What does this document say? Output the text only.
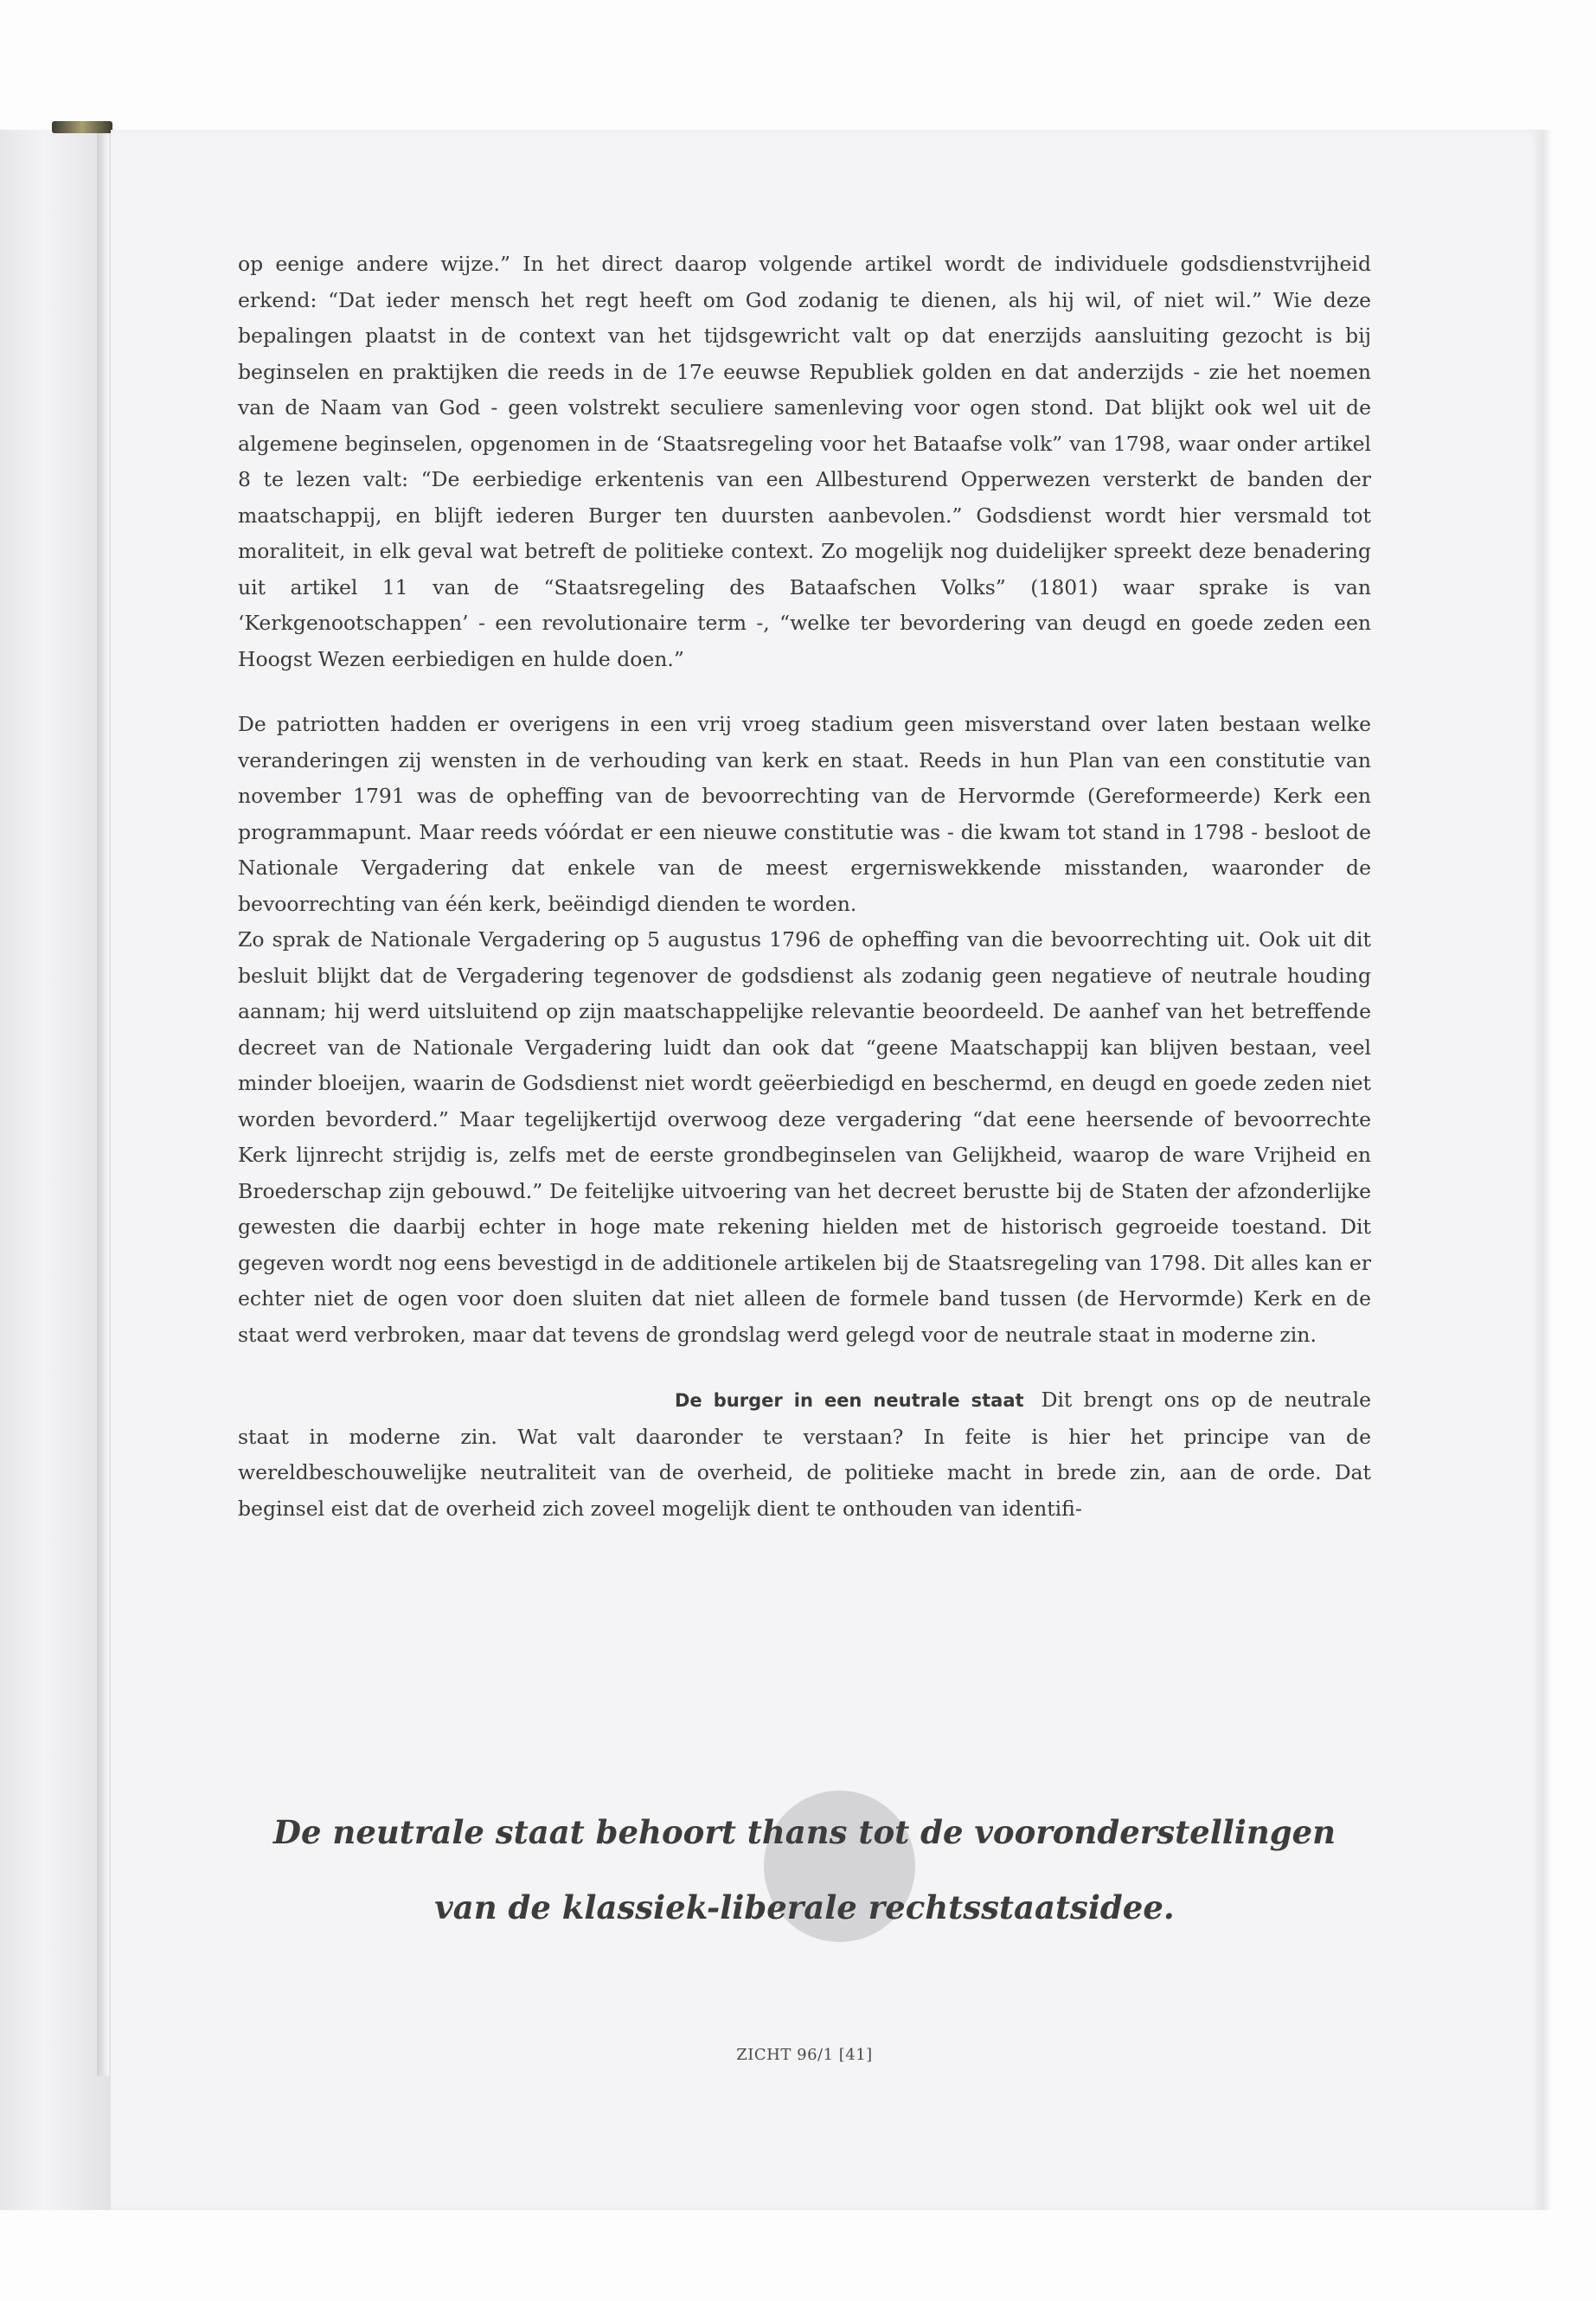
op eenige andere wijze.” In het direct daarop volgende artikel wordt de individuele godsdienstvrijheid erkend: “Dat ieder mensch het regt heeft om God zodanig te dienen, als hij wil, of niet wil.” Wie deze bepalingen plaatst in de context van het tijdsgewricht valt op dat enerzijds aansluiting gezocht is bij beginselen en praktijken die reeds in de 17e eeuwse Republiek golden en dat anderzijds - zie het noemen van de Naam van God - geen volstrekt seculiere samenleving voor ogen stond. Dat blijkt ook wel uit de algemene beginselen, opgenomen in de ‘Staatsregeling voor het Bataafse volk” van 1798, waar onder artikel 8 te lezen valt: “De eerbiedige erkentenis van een Allbesturend Opperwezen versterkt de banden der maatschappij, en blijft iederen Burger ten duursten aanbevolen.” Godsdienst wordt hier versmald tot moraliteit, in elk geval wat betreft de politieke context. Zo mogelijk nog duidelijker spreekt deze benadering uit artikel 11 van de “Staatsregeling des Bataafschen Volks” (1801) waar sprake is van ‘Kerkgenootschappen’ - een revolutionaire term -, “welke ter bevordering van deugd en goede zeden een Hoogst Wezen eerbiedigen en hulde doen.”

De patriotten hadden er overigens in een vrij vroeg stadium geen misverstand over laten bestaan welke veranderingen zij wensten in de verhouding van kerk en staat. Reeds in hun Plan van een constitutie van november 1791 was de opheffing van de bevoorrechting van de Hervormde (Gereformeerde) Kerk een programmapunt. Maar reeds vóórdat er een nieuwe constitutie was - die kwam tot stand in 1798 - besloot de Nationale Vergadering dat enkele van de meest ergerniswekkende misstanden, waaronder de bevoorrechting van één kerk, beëindigd dienden te worden.

Zo sprak de Nationale Vergadering op 5 augustus 1796 de opheffing van die bevoorrechting uit. Ook uit dit besluit blijkt dat de Vergadering tegenover de godsdienst als zodanig geen negatieve of neutrale houding aannam; hij werd uitsluitend op zijn maatschappelijke relevantie beoordeeld. De aanhef van het betreffende decreet van de Nationale Vergadering luidt dan ook dat “geene Maatschappij kan blijven bestaan, veel minder bloeijen, waarin de Godsdienst niet wordt geëerbiedigd en beschermd, en deugd en goede zeden niet worden bevorderd.” Maar tegelijkertijd overwoog deze vergadering “dat eene heersende of bevoorrechte Kerk lijnrecht strijdig is, zelfs met de eerste grondbeginselen van Gelijkheid, waarop de ware Vrijheid en Broederschap zijn gebouwd.” De feitelijke uitvoering van het decreet berustte bij de Staten der afzonderlijke gewesten die daarbij echter in hoge mate rekening hielden met de historisch gegroeide toestand. Dit gegeven wordt nog eens bevestigd in de additionele artikelen bij de Staatsregeling van 1798. Dit alles kan er echter niet de ogen voor doen sluiten dat niet alleen de formele band tussen (de Hervormde) Kerk en de staat werd verbroken, maar dat tevens de grondslag werd gelegd voor de neutrale staat in moderne zin.

De burger in een neutrale staat Dit brengt ons op de neutrale staat in moderne zin. Wat valt daaronder te verstaan? In feite is hier het principe van de wereldbeschouwelijke neutraliteit van de overheid, de politieke macht in brede zin, aan de orde. Dat beginsel eist dat de overheid zich zoveel mogelijk dient te onthouden van identifi-

De neutrale staat behoort thans tot de vooronderstellingen
van de klassiek-liberale rechtsstaatsidee.
ZICHT 96/1 [41]
